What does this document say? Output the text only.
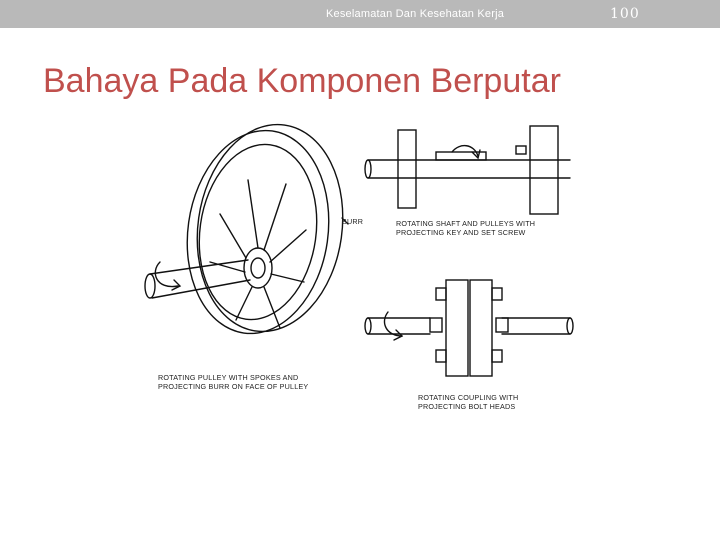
Keselamatan Dan Kesehatan Kerja	100
Bahaya Pada Komponen Berputar
BURR	ROTATING SHAFT AND PULLEYS WITH
PROJECTING KEY AND SET SCREW
ROTATING PULLEY WITH SPOKES AND
PROJECTING BURR ON FACE OF PULLEY
ROTATING COUPLING WITH
PROJECTING BOLT HEADS
